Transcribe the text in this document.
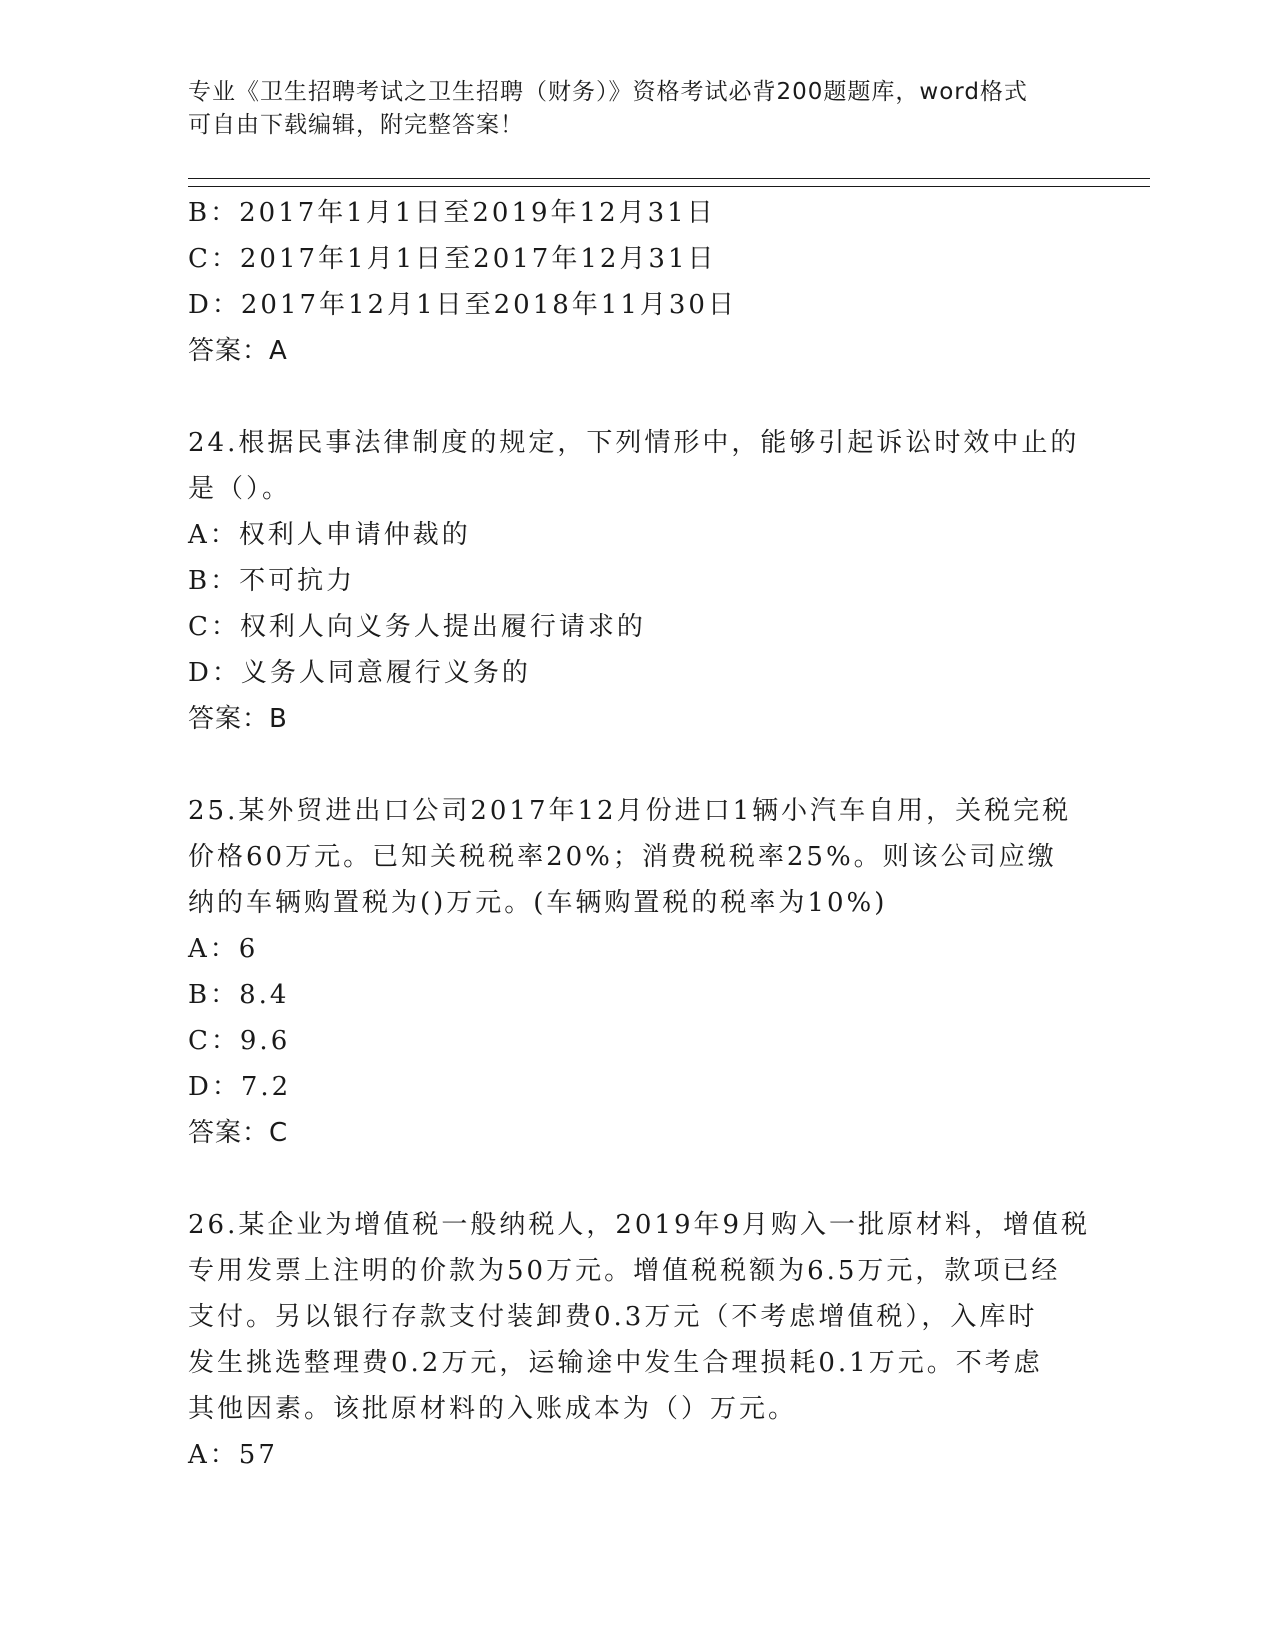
专业《卫生招聘考试之卫生招聘（财务）》资格考试必背200题题库，word格式
可自由下载编辑，附完整答案！
B：2017年1月1日至2019年12月31日
C：2017年1月1日至2017年12月31日
D：2017年12月1日至2018年11月30日
答案：A
24.根据民事法律制度的规定，下列情形中，能够引起诉讼时效中止的
是（）。
A：权利人申请仲裁的
B：不可抗力
C：权利人向义务人提出履行请求的
D：义务人同意履行义务的
答案：B
25.某外贸进出口公司2017年12月份进口1辆小汽车自用，关税完税
价格60万元。已知关税税率20%；消费税税率25%。则该公司应缴
纳的车辆购置税为()万元。(车辆购置税的税率为10%)
A：6
B：8.4
C：9.6
D：7.2
答案：C
26.某企业为增值税一般纳税人，2019年9月购入一批原材料，增值税
专用发票上注明的价款为50万元。增值税税额为6.5万元，款项已经
支付。另以银行存款支付装卸费0.3万元（不考虑增值税），入库时
发生挑选整理费0.2万元，运输途中发生合理损耗0.1万元。不考虑
其他因素。该批原材料的入账成本为（）万元。
A：57
